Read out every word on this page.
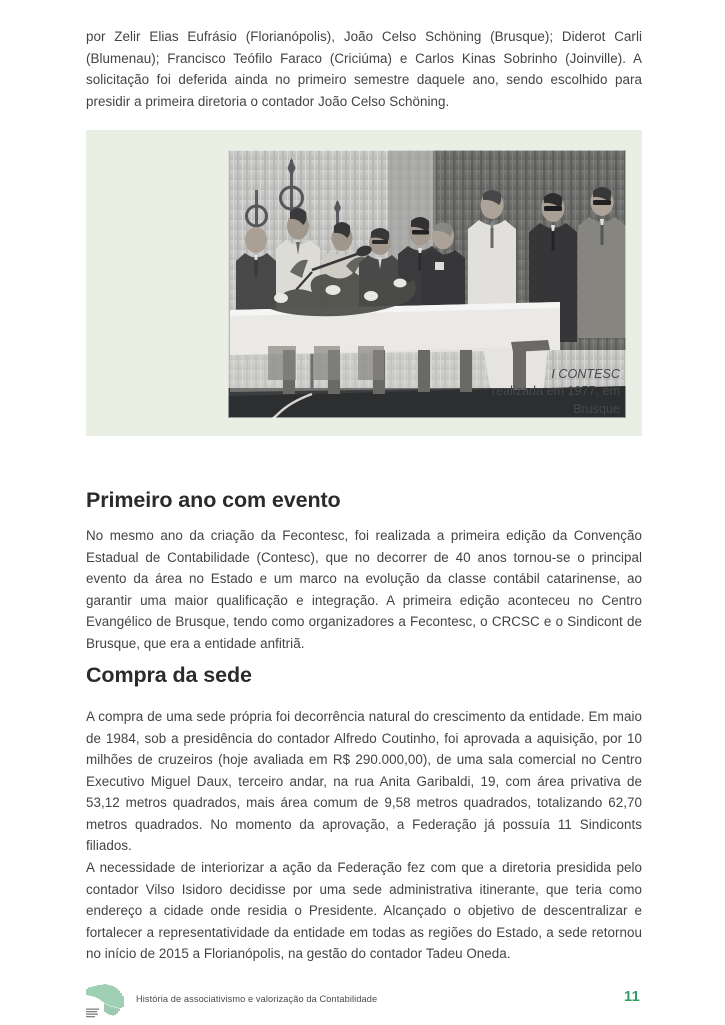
por Zelir Elias Eufrásio (Florianópolis), João Celso Schöning (Brusque); Diderot Carli (Blumenau); Francisco Teófilo Faraco (Criciúma) e Carlos Kinas Sobrinho (Joinville). A solicitação foi deferida ainda no primeiro semestre daquele ano, sendo escolhido para presidir a primeira diretoria o contador João Celso Schöning.
I CONTESC
realizada em 1977, em Brusque
Primeiro ano com evento
No mesmo ano da criação da Fecontesc, foi realizada a primeira edição da Convenção Estadual de Contabilidade (Contesc), que no decorrer de 40 anos tornou-se o principal evento da área no Estado e um marco na evolução da classe contábil catarinense, ao garantir uma maior qualificação e integração. A primeira edição aconteceu no Centro Evangélico de Brusque, tendo como organizadores a Fecontesc, o CRCSC e o Sindicont de Brusque, que era a entidade anfitriã.
Compra da sede
A compra de uma sede própria foi decorrência natural do crescimento da entidade. Em maio de 1984, sob a presidência do contador Alfredo Coutinho, foi aprovada a aquisição, por 10 milhões de cruzeiros (hoje avaliada em R$ 290.000,00), de uma sala comercial no Centro Executivo Miguel Daux, terceiro andar, na rua Anita Garibaldi, 19, com área privativa de 53,12 metros quadrados, mais área comum de 9,58 metros quadrados, totalizando 62,70 metros quadrados. No momento da aprovação, a Federação já possuía 11 Sindiconts filiados.
A necessidade de interiorizar a ação da Federação fez com que a diretoria presidida pelo contador Vilso Isidoro decidisse por uma sede administrativa itinerante, que teria como endereço a cidade onde residia o Presidente. Alcançado o objetivo de descentralizar e fortalecer a representatividade da entidade em todas as regiões do Estado, a sede retornou no início de 2015 a Florianópolis, na gestão do contador Tadeu Oneda.
História de associativismo e valorização da Contabilidade	11
